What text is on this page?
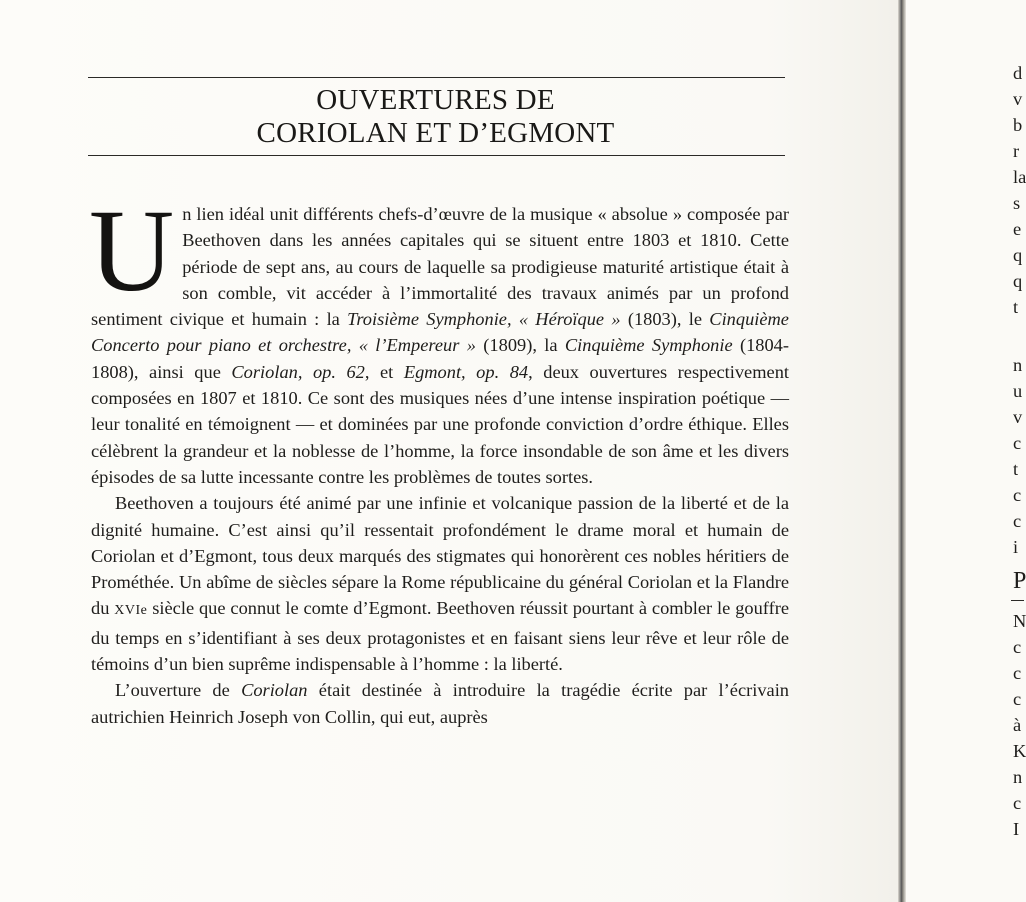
OUVERTURES DE
CORIOLAN ET D’EGMONT

Un lien idéal unit différents chefs-d’œuvre de la musique « absolue » composée par Beethoven dans les années capitales qui se situent entre 1803 et 1810. Cette période de sept ans, au cours de laquelle sa prodigieuse maturité artistique était à son comble, vit accéder à l’immortalité des travaux animés par un profond sentiment civique et humain : la Troisième Symphonie, « Héroïque » (1803), le Cinquième Concerto pour piano et orchestre, « l’Empereur » (1809), la Cinquième Symphonie (1804-1808), ainsi que Coriolan, op. 62, et Egmont, op. 84, deux ouvertures respectivement composées en 1807 et 1810. Ce sont des musiques nées d’une intense inspiration poétique — leur tonalité en témoignent — et dominées par une profonde conviction d’ordre éthique. Elles célèbrent la grandeur et la noblesse de l’homme, la force insondable de son âme et les divers épisodes de sa lutte incessante contre les problèmes de toutes sortes.

Beethoven a toujours été animé par une infinie et volcanique passion de la liberté et de la dignité humaine. C’est ainsi qu’il ressentait profondément le drame moral et humain de Coriolan et d’Egmont, tous deux marqués des stigmates qui honorèrent ces nobles héritiers de Prométhée. Un abîme de siècles sépare la Rome républicaine du général Coriolan et la Flandre du XVIe siècle que connut le comte d’Egmont. Beethoven réussit pourtant à combler le gouffre du temps en s’identifiant à ses deux protagonistes et en faisant siens leur rêve et leur rôle de témoins d’un bien suprême indispensable à l’homme : la liberté.

L’ouverture de Coriolan était destinée à introduire la tragédie écrite par l’écrivain autrichien Heinrich Joseph von Collin, qui eut, auprès

d
v
b
r
la
s
e
q
q
t
n
u
v
c
t
c
c
i
P
N
c
c
c
à
K
n
c
I
